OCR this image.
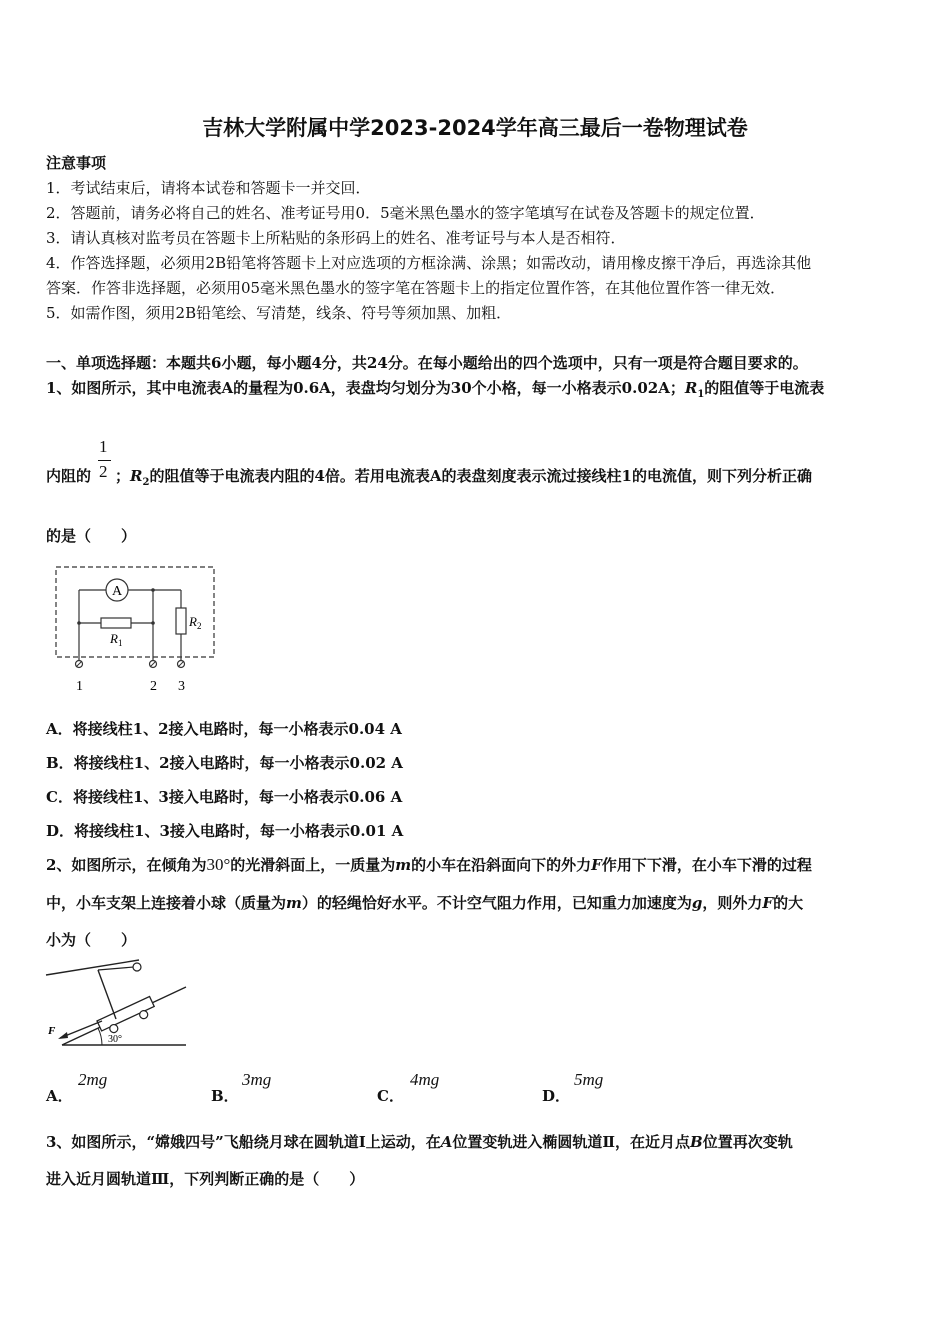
吉林大学附属中学2023-2024学年高三最后一卷物理试卷
注意事项
1．考试结束后，请将本试卷和答题卡一并交回．
2．答题前，请务必将自己的姓名、准考证号用0．5毫米黑色墨水的签字笔填写在试卷及答题卡的规定位置．
3．请认真核对监考员在答题卡上所粘贴的条形码上的姓名、准考证号与本人是否相符．
4．作答选择题，必须用2B铅笔将答题卡上对应选项的方框涂满、涂黑；如需改动，请用橡皮擦干净后，再选涂其他
答案．作答非选择题，必须用05毫米黑色墨水的签字笔在答题卡上的指定位置作答，在其他位置作答一律无效．
5．如需作图，须用2B铅笔绘、写清楚，线条、符号等须加黑、加粗．
一、单项选择题：本题共6小题，每小题4分，共24分。在每小题给出的四个选项中，只有一项是符合题目要求的。
1、如图所示，其中电流表A的量程为0.6A，表盘均匀划分为30个小格，每一小格表示0.02A；$R_1$的阻值等于电流表
1
2
内阻的 ；$R_2$的阻值等于电流表内阻的4倍。若用电流表A的表盘刻度表示流过接线柱1的电流值，则下列分析正确
的是（　　）
A
$R_1$
$R_2$
1	2 3
A．将接线柱1、2接入电路时，每一小格表示0.04 A
B．将接线柱1、2接入电路时，每一小格表示0.02 A
C．将接线柱1、3接入电路时，每一小格表示0.06 A
D．将接线柱1、3接入电路时，每一小格表示0.01 A
2、如图所示，在倾角为30°的光滑斜面上，一质量为m的小车在沿斜面向下的外力F作用下下滑，在小车下滑的过程
中，小车支架上连接着小球（质量为m）的轻绳恰好水平。不计空气阻力作用，已知重力加速度为g，则外力F的大
小为（　　）
30°
F
A．
2mg
B．
3mg
C．
4mg
D．
5mg
3、如图所示，“嫦娥四号”飞船绕月球在圆轨道Ⅰ上运动，在A位置变轨进入椭圆轨道Ⅱ，在近月点B位置再次变轨
进入近月圆轨道Ⅲ，下列判断正确的是（　　）
